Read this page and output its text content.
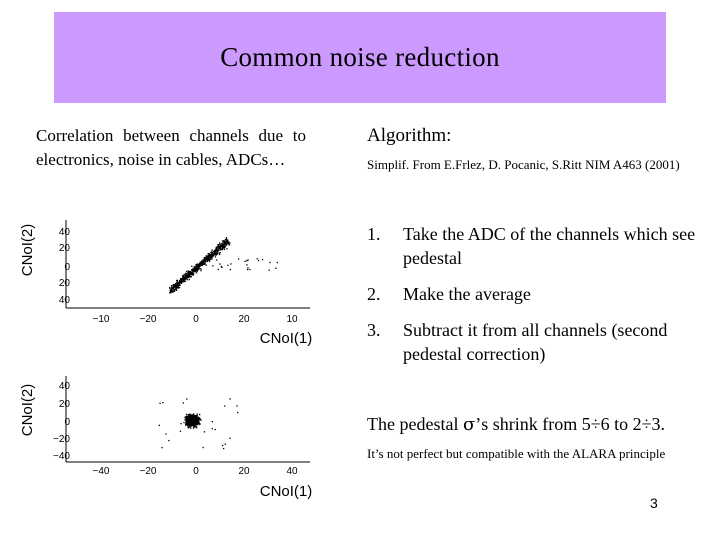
Common noise reduction
Correlation between channels due to electronics, noise in cables, ADCs…
Algorithm:
Simplif. From E.Frlez, D. Pocanic, S.Ritt NIM A463 (2001)
1.	Take the ADC of the channels which see pedestal
2.	Make the average
3.	Subtract it from all channels (second pedestal correction)
The pedestal σ’s shrink from 5÷6 to 2÷3.
It’s not perfect but compatible with the ALARA principle
3
40
20
0
20
40
−10	−20	0	20	10
CNoI(1)
CNoI(2)
40
20
0
−20
−40
−40	−20	0	20	40
CNoI(1)
CNoI(2)
